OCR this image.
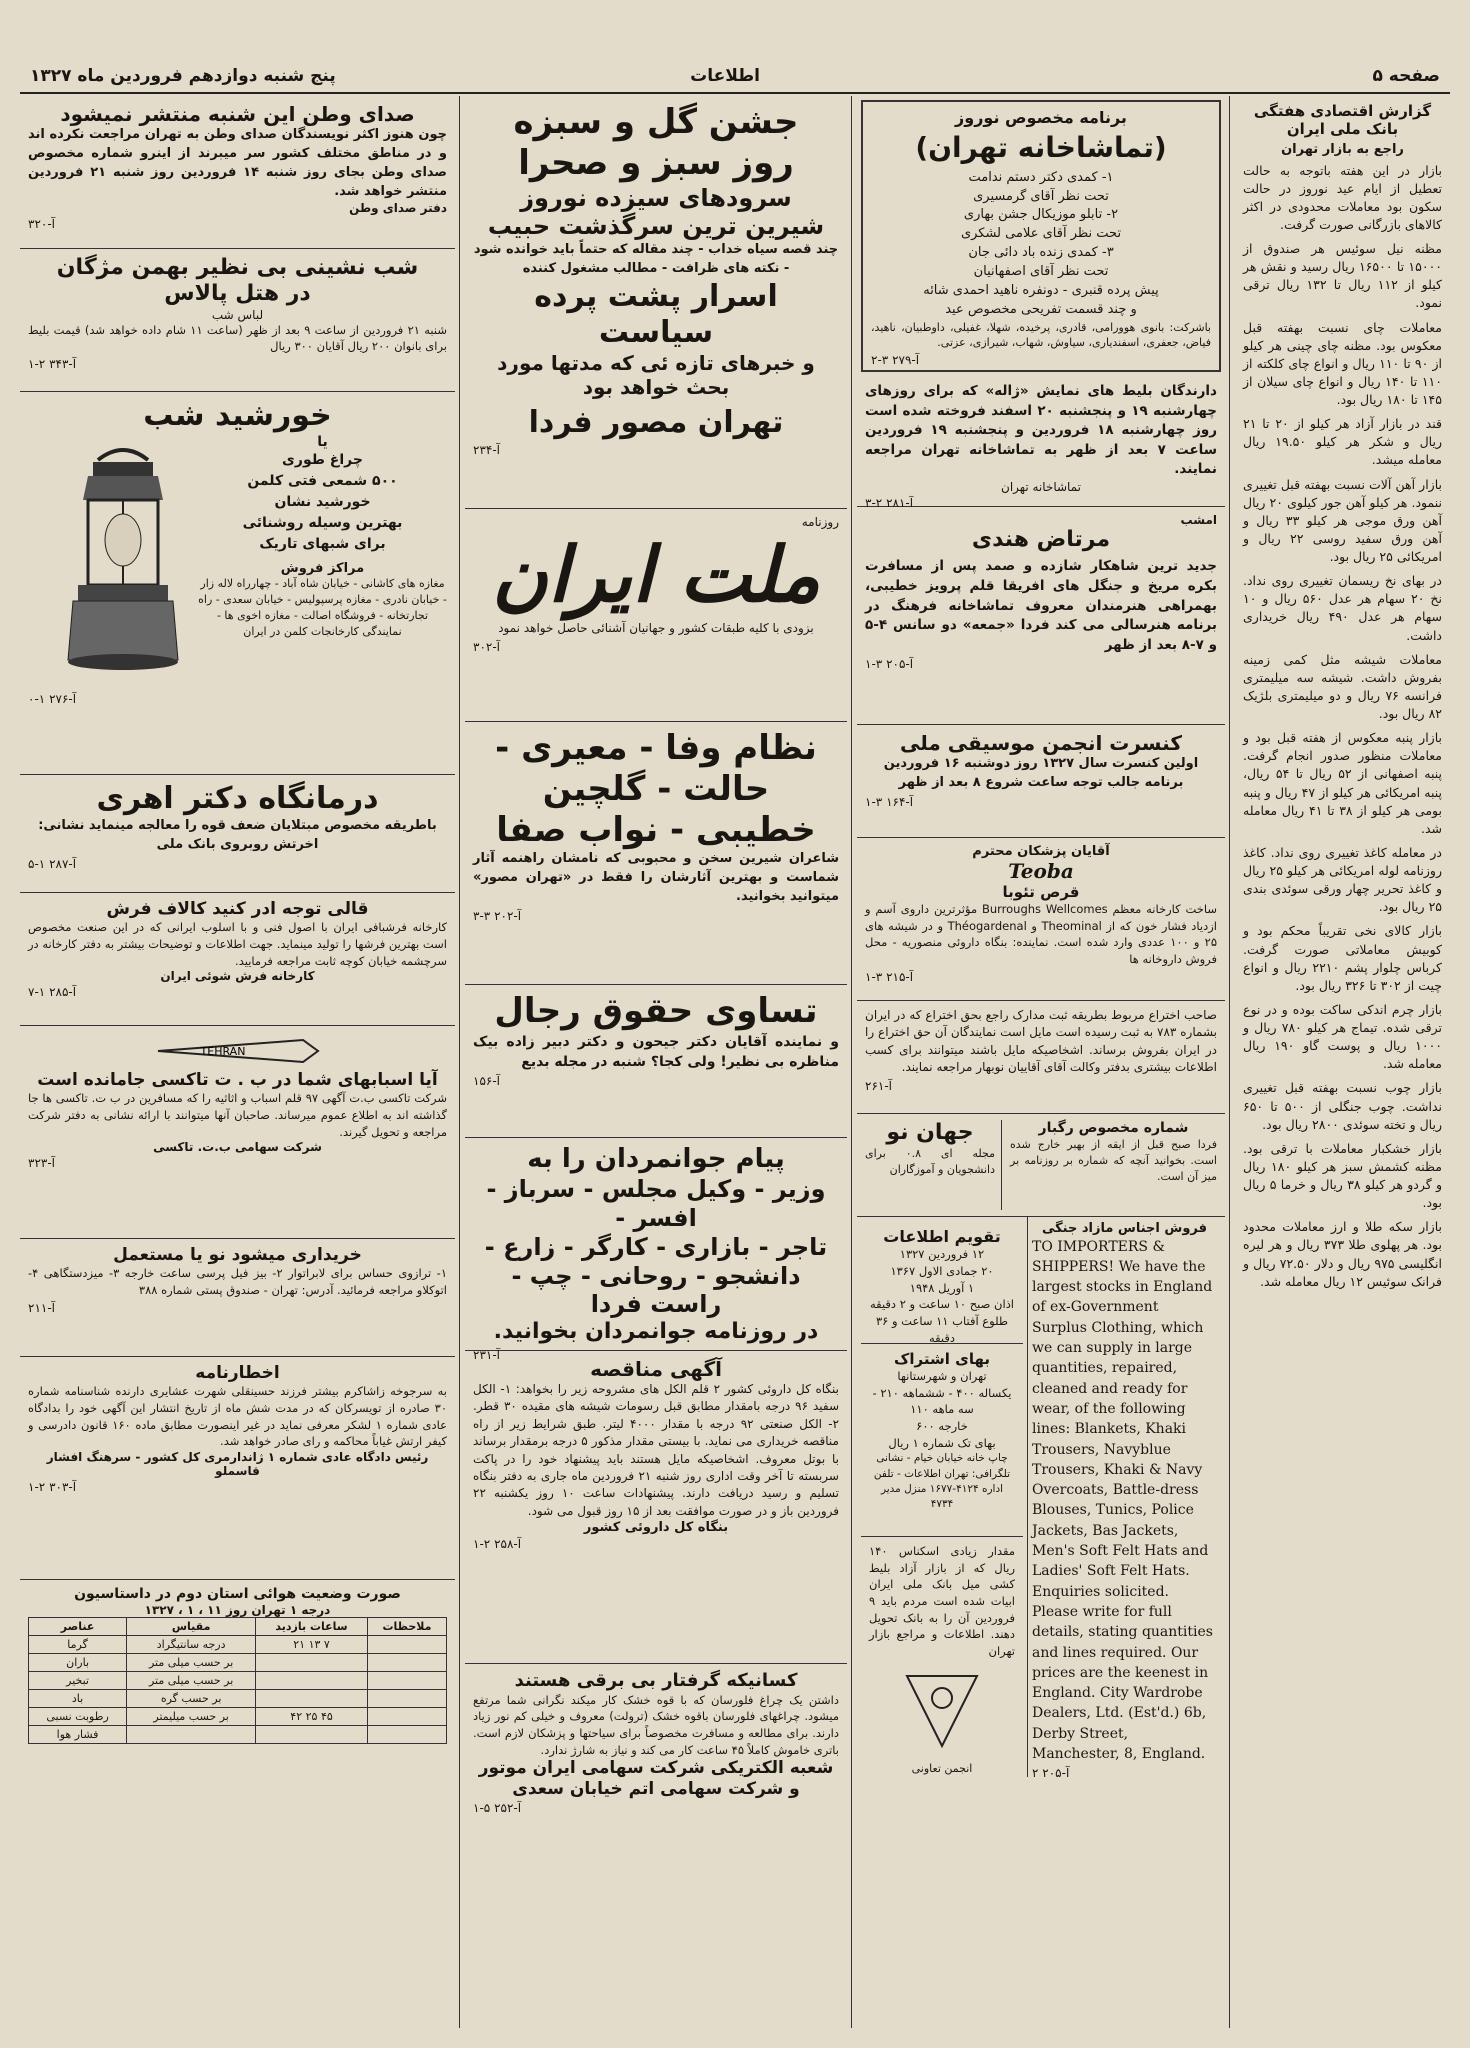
صفحه ۵
اطلاعات
پنج شنبه دوازدهم فروردین ماه ۱۳۲۷
گزارش اقتصادی هفتگی بانک ملی ایران
راجع به بازار تهران
بازار در این هفته باتوجه به حالت تعطیل از ایام عید نوروز در حالت سکون بود معاملات محدودی در اکثر کالاهای بازرگانی صورت گرفت.
مظنه نیل سوئیس هر صندوق از ۱۵۰۰۰ تا ۱۶۵۰۰ ریال رسید و نقش هر کیلو از ۱۱۲ ریال تا ۱۳۲ ریال ترقی نمود.
معاملات چای نسبت بهفته قبل معکوس بود. مظنه چای چینی هر کیلو از ۹۰ تا ۱۱۰ ریال و انواع چای کلکته از ۱۱۰ تا ۱۴۰ ریال و انواع چای سیلان از ۱۴۵ تا ۱۸۰ ریال بود.
قند در بازار آزاد هر کیلو از ۲۰ تا ۲۱ ریال و شکر هر کیلو ۱۹.۵۰ ریال معامله میشد.
بازار آهن آلات نسبت بهفته قبل تغییری ننمود. هر کیلو آهن جور کیلوی ۲۰ ریال آهن ورق موجی هر کیلو ۳۳ ریال و آهن ورق سفید روسی ۲۲ ریال و امریکائی ۲۵ ریال بود.
در بهای نخ ریسمان تغییری روی نداد. نخ ۲۰ سهام هر عدل ۵۶۰ ریال و ۱۰ سهام هر عدل ۴۹۰ ریال خریداری داشت.
معاملات شیشه مثل کمی زمینه بفروش داشت. شیشه سه میلیمتری فرانسه ۷۶ ریال و دو میلیمتری بلژیک ۸۲ ریال بود.
بازار پنبه معکوس از هفته قبل بود و معاملات منظور صدور انجام گرفت. پنبه اصفهانی از ۵۲ ریال تا ۵۴ ریال، پنبه امریکائی هر کیلو از ۴۷ ریال و پنبه بومی هر کیلو از ۳۸ تا ۴۱ ریال معامله شد.
در معامله کاغذ تغییری روی نداد. کاغذ روزنامه لوله امریکائی هر کیلو ۲۵ ریال و کاغذ تحریر چهار ورقی سوئدی بندی ۲۵ ریال بود.
بازار کالای نخی تقریباً محکم بود و کوبیش معاملاتی صورت گرفت. کرباس چلوار پشم ۲۲۱۰ ریال و انواع چیت از ۳۰۲ تا ۳۲۶ ریال بود.
بازار چرم اندکی ساکت بوده و در نوع ترقی شده. تیماج هر کیلو ۷۸۰ ریال و ۱۰۰۰ ریال و پوست گاو ۱۹۰ ریال معامله شد.
بازار چوب نسبت بهفته قبل تغییری نداشت. چوب جنگلی از ۵۰۰ تا ۶۵۰ ریال و تخته سوئدی ۲۸۰۰ ریال بود.
بازار خشکبار معاملات با ترقی بود. مظنه کشمش سبز هر کیلو ۱۸۰ ریال و گردو هر کیلو ۳۸ ریال و خرما ۵ ریال بود.
بازار سکه طلا و ارز معاملات محدود بود. هر پهلوی طلا ۳۷۳ ریال و هر لیره انگلیسی ۹۷۵ ریال و دلار ۷۲.۵۰ ریال و فرانک سوئیس ۱۲ ریال معامله شد.
برنامه مخصوص نوروز
(تماشاخانه تهران)
۱- کمدی دکتر دستم ندامت
تحت نظر آقای گرمسیری
۲- تابلو موزیکال جشن بهاری
تحت نظر آقای علامی لشکری
۳- کمدی زنده باد دائی جان
تحت نظر آقای اصفهانیان
پیش پرده قنبری - دونفره ناهید احمدی شائه
و چند قسمت تفریحی مخصوص عید
باشرکت: بانوی هوورامی، قادری، پرخیده، شهلا، غفیلی، داوطبیان، ناهید، فیاض، جعفری، اسفندیاری، سیاوش، شهاب، شیرازی، عزتی.
آ-۲۷۹ ۳-۲
دارندگان بلیط های نمایش «ژاله» که برای روزهای چهارشنبه ۱۹ و پنجشنبه ۲۰ اسفند فروخته شده است روز چهارشنبه ۱۸ فروردین و پنجشنبه ۱۹ فروردین ساعت ۷ بعد از ظهر به تماشاخانه تهران مراجعه نمایند.
تماشاخانه تهران
آ-۲۸۱ ۲-۳
امشب
مرتاض هندی
جدید ترین شاهکار شازده و صمد پس از مسافرت بکره مریخ و جنگل های افریقا قلم پرویز خطیبی، بهمراهی هنرمندان معروف تماشاخانه فرهنگ در برنامه هنرسالی می کند فردا «جمعه» دو سانس ۴-۵ و ۷-۸ بعد از ظهر
آ-۲۰۵ ۳-۱
کنسرت انجمن موسیقی ملی
اولین کنسرت سال ۱۳۲۷ روز دوشنبه ۱۶ فروردین برنامه جالب توجه ساعت شروع ۸ بعد از ظهر
آ-۱۶۴ ۳-۱
آقایان پزشکان محترم
Teoba
قرص تئوبا
ساخت کارخانه معظم Burroughs Wellcomes مؤثرترین داروی آسم و ازدیاد فشار خون که از Theominal و Théogardenal و در شیشه های ۲۵ و ۱۰۰ عددی وارد شده است. نماینده: بنگاه داروئی منصوریه - محل فروش داروخانه ها
آ-۲۱۵ ۳-۱
صاحب اختراع مربوط بطریقه ثبت مدارک راجع بحق اختراع که در ایران بشماره ۷۸۳ به ثبت رسیده است مایل است نمایندگان آن حق اختراع را در ایران بفروش برساند. اشخاصیکه مایل باشند میتوانند برای کسب اطلاعات بیشتری بدفتر وکالت آقای آقاییان نوبهار مراجعه نمایند.
آ-۲۶۱
شماره مخصوص رگبار
فردا صبح قبل از ایقه از بهبر خارج شده است. بخوانید آنچه که شماره بر روزنامه بر میز آن است.
جهان نو
مجله ای ۰.۸ برای دانشجویان و آموزگاران
فروش اجناس مازاد جنگی
TO IMPORTERS & SHIPPERS! We have the largest stocks in England of ex-Government Surplus Clothing, which we can supply in large quantities, repaired, cleaned and ready for wear, of the following lines: Blankets, Khaki Trousers, Navyblue Trousers, Khaki & Navy Overcoats, Battle-dress Blouses, Tunics, Police Jackets, Bas Jackets, Men's Soft Felt Hats and Ladies' Soft Felt Hats. Enquiries solicited. Please write for full details, stating quantities and lines required. Our prices are the keenest in England. City Wardrobe Dealers, Ltd. (Est'd.) 6b, Derby Street, Manchester, 8, England.
آ-۲۰۵ ۲
تقویم اطلاعات
۱۲ فروردین ۱۳۲۷
۲۰ جمادی الاول ۱۳۶۷
۱ آوریل ۱۹۴۸
اذان صبح ۱۰ ساعت و ۲ دقیقه طلوع آفتاب ۱۱ ساعت و ۳۶ دقیقه
بهای اشتراک
تهران و شهرستانها
یکساله ۴۰۰ - ششماهه ۲۱۰ - سه ماهه ۱۱۰
خارجه ۶۰۰
بهای تک شماره ۱ ریال
چاپ خانه خیابان خیام - نشانی تلگرافی: تهران اطلاعات - تلفن اداره ۴۱۲۴-۱۶۷۷ منزل مدیر ۴۷۳۴
مقدار زیادی اسکناس ۱۴۰ ریال که از بازار آزاد بلیط کشی میل بانک ملی ایران ابیات شده است مردم باید ۹ فروردین آن را به بانک تحویل دهند. اطلاعات و مراجع بازار تهران
انجمن تعاونی
جشن گل و سبزه
روز سبز و صحرا
سرودهای سیزده نوروز
شیرین ترین سرگذشت حبیب
چند قصه سیاه خداب - چند مقاله که حتماً باید خوانده شود - نکته های ظرافت - مطالب مشغول کننده
اسرار پشت پرده سیاست
و خبرهای تازه ئی که مدتها مورد بحث خواهد بود
تهران مصور فردا
آ-۲۳۴
روزنامه
ملت ایران
بزودی با کلیه طبقات کشور و جهانیان آشنائی حاصل خواهد نمود
آ-۳۰۲
نظام وفا - معیری -
حالت - گلچین
خطیبی - نواب صفا
شاعران شیرین سخن و محبوبی که نامشان راهنمه آثار شماست و بهترین آثارشان را فقط در «تهران مصور» میتوانید بخوانید.
آ-۲۰۲ ۳-۳
تساوی حقوق رجال
و نماینده آقایان دکتر جیحون و دکتر دبیر زاده بیک مناظره بی نظیر! ولی کجا؟ شنبه در مجله بدیع
آ-۱۵۶
پیام جوانمردان را به
وزیر - وکیل مجلس - سرباز - افسر -
تاجر - بازاری - کارگر - زارع -
دانشجو - روحانی - چپ - راست فردا
در روزنامه جوانمردان بخوانید.
آ-۲۳۱
آگهی مناقصه
بنگاه کل داروئی کشور ۲ قلم الکل های مشروحه زیر را بخواهد: ۱- الکل سفید ۹۶ درجه بامقدار مطابق قبل رسومات شیشه های مقیده ۳۰ قطر. ۲- الکل صنعتی ۹۲ درجه با مقدار ۴۰۰۰ لیتر. طبق شرایط زیر از راه مناقصه خریداری می نماید. با بیستی مقدار مذکور ۵ درجه برمقدار برساند با بوتل معروف. اشخاصیکه مایل هستند باید پیشنهاد خود را در پاکت سربسته تا آخر وقت اداری روز شنبه ۲۱ فروردین ماه جاری به دفتر بنگاه تسلیم و رسید دریافت دارند. پیشنهادات ساعت ۱۰ روز یکشنبه ۲۲ فروردین باز و در صورت موافقت بعد از ۱۵ روز قبول می شود.
بنگاه کل داروئی کشور
آ-۲۵۸ ۲-۱
کسانیکه گرفتار بی برقی هستند
داشتن یک چراغ فلورسان که با قوه خشک کار میکند نگرانی شما مرتفع میشود. چراغهای فلورسان باقوه خشک (ترولت) معروف و خیلی کم نور زیاد دارند. برای مطالعه و مسافرت مخصوصاً برای سیاحتها و پزشکان لازم است. باتری خاموش کاملاً ۴۵ ساعت کار می کند و نیاز به شارژ ندارد.
شعبه الکتریکی شرکت سهامی ایران موتور
و شرکت سهامی اتم خیابان سعدی
آ-۲۵۲ ۵-۱
صدای وطن این شنبه منتشر نمیشود
چون هنوز اکثر نویسندگان صدای وطن به تهران مراجعت نکرده اند و در مناطق مختلف کشور سر میبرند از اینرو شماره مخصوص صدای وطن بجای روز شنبه ۱۴ فروردین روز شنبه ۲۱ فروردین منتشر خواهد شد.
دفتر صدای وطن
آ-۳۲۰
شب نشینی بی نظیر بهمن مژگان
در هتل پالاس
لباس شب
شنبه ۲۱ فروردین از ساعت ۹ بعد از ظهر (ساعت ۱۱ شام داده خواهد شد) قیمت بلیط برای بانوان ۲۰۰ ریال آقایان ۳۰۰ ریال
آ-۳۴۳ ۲-۱
خورشید شب
یا
چراغ طوری
۵۰۰ شمعی فتی کلمن
خورشید نشان
بهترین وسیله روشنائی
برای شبهای تاریک
مراکز فروش
مغازه های کاشانی - خیابان شاه آباد - چهارراه لاله زار - خیابان نادری - مغازه پرسپولیس - خیابان سعدی - راه تجارتخانه - فروشگاه اصالت - مغازه اخوی ها - نمایندگی کارخانجات کلمن در ایران
آ-۲۷۶ ۱-۰
درمانگاه دکتر اهری
باطریقه مخصوص مبتلایان ضعف قوه را معالجه مینماید نشانی: اخرتش روبروی بانک ملی
آ-۲۸۷ ۱-۵
قالی توجه ادر کنید کالاف فرش
کارخانه فرشبافی ایران با اصول فنی و با اسلوب ایرانی که در این صنعت مخصوص است بهترین فرشها را تولید مینماید. جهت اطلاعات و توضیحات بیشتر به دفتر کارخانه در سرچشمه خیابان کوچه ثابت مراجعه فرمایید.
کارخانه فرش شوئی ایران
آ-۲۸۵ ۱-۷
TEHRAN
آیا اسبابهای شما در ب . ت تاکسی جامانده است
شرکت تاکسی ب.ت آگهی ۹۷ قلم اسباب و اثاثیه را که مسافرین در ب ت. تاکسی ها جا گذاشته اند به اطلاع عموم میرساند. صاحبان آنها میتوانند با ارائه نشانی به دفتر شرکت مراجعه و تحویل گیرند.
شرکت سهامی ب.ت. تاکسی
آ-۳۲۳
خریداری میشود نو یا مستعمل
۱- ترازوی حساس برای لابراتوار ۲- بیز فیل پرسی ساعت خارجه ۳- میزدستگاهی ۴- اتوکلاو مراجعه فرمائید. آدرس: تهران - صندوق پستی شماره ۳۸۸
آ-۲۱۱
اخطارنامه
به سرجوخه زاشاکرم بیشتر فرزند حسینقلی شهرت عشایری دارنده شناسنامه شماره ۳۰ صادره از تویسرکان که در مدت شش ماه از تاریخ انتشار این آگهی خود را بدادگاه عادی شماره ۱ لشکر معرفی نماید در غیر اینصورت مطابق ماده ۱۶۰ قانون دادرسی و کیفر ارتش غیاباً محاکمه و رای صادر خواهد شد.
رئیس دادگاه عادی شماره ۱ ژاندارمری کل کشور - سرهنگ افشار قاسملو
آ-۳۰۳ ۲-۱
صورت وضعیت هوائی استان دوم در داستاسیون
درجه ۱ تهران روز ۱۱ ، ۱ ، ۱۳۲۷
ملاحظات	ساعات بازدید	مقیاس	عناصر
	۷ ۱۳ ۲۱	درجه سانتیگراد	گرما
		بر حسب میلی متر	باران
		بر حسب میلی متر	تبخیر
		بر حسب گره	باد
	۴۵ ۲۵ ۴۲	بر حسب میلیمتر	رطوبت نسبی
			فشار هوا
